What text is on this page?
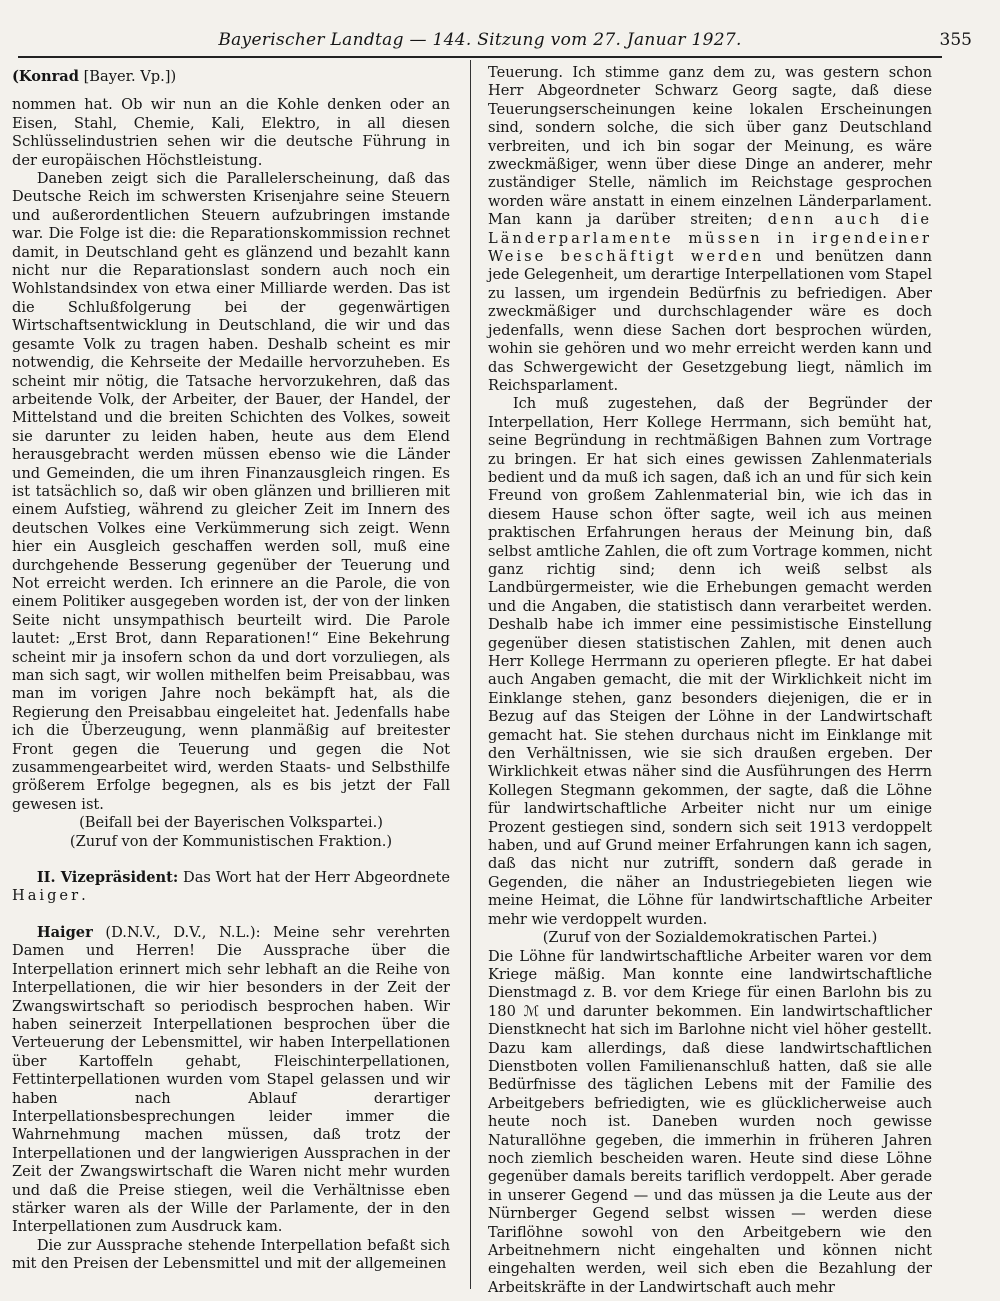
Bayerischer Landtag — 144. Sitzung vom 27. Januar 1927.	355

(Konrad [Bayer. Vp.])

nommen hat. Ob wir nun an die Kohle denken oder an Eisen, Stahl, Chemie, Kali, Elektro, in all diesen Schlüsselindustrien sehen wir die deutsche Führung in der europäischen Höchstleistung.

Daneben zeigt sich die Parallelerscheinung, daß das Deutsche Reich im schwersten Krisenjahre seine Steuern und außerordentlichen Steuern aufzubringen imstande war. Die Folge ist die: die Reparationskommission rechnet damit, in Deutschland geht es glänzend und bezahlt kann nicht nur die Reparationslast sondern auch noch ein Wohlstandsindex von etwa einer Milliarde werden. Das ist die Schlußfolgerung bei der gegenwärtigen Wirtschaftsentwicklung in Deutschland, die wir und das gesamte Volk zu tragen haben. Deshalb scheint es mir notwendig, die Kehrseite der Medaille hervorzuheben. Es scheint mir nötig, die Tatsache hervorzukehren, daß das arbeitende Volk, der Arbeiter, der Bauer, der Handel, der Mittelstand und die breiten Schichten des Volkes, soweit sie darunter zu leiden haben, heute aus dem Elend herausgebracht werden müssen ebenso wie die Länder und Gemeinden, die um ihren Finanzausgleich ringen. Es ist tatsächlich so, daß wir oben glänzen und brillieren mit einem Aufstieg, während zu gleicher Zeit im Innern des deutschen Volkes eine Verkümmerung sich zeigt. Wenn hier ein Ausgleich geschaffen werden soll, muß eine durchgehende Besserung gegenüber der Teuerung und Not erreicht werden. Ich erinnere an die Parole, die von einem Politiker ausgegeben worden ist, der von der linken Seite nicht unsympathisch beurteilt wird. Die Parole lautet: „Erst Brot, dann Reparationen!“ Eine Bekehrung scheint mir ja insofern schon da und dort vorzuliegen, als man sich sagt, wir wollen mithelfen beim Preisabbau, was man im vorigen Jahre noch bekämpft hat, als die Regierung den Preisabbau eingeleitet hat. Jedenfalls habe ich die Überzeugung, wenn planmäßig auf breitester Front gegen die Teuerung und gegen die Not zusammengearbeitet wird, werden Staats- und Selbsthilfe größerem Erfolge begegnen, als es bis jetzt der Fall gewesen ist.

(Beifall bei der Bayerischen Volkspartei.)

(Zuruf von der Kommunistischen Fraktion.)

II. Vizepräsident: Das Wort hat der Herr Abgeordnete Haiger.

Haiger (D.N.V., D.V., N.L.): Meine sehr verehrten Damen und Herren! Die Aussprache über die Interpellation erinnert mich sehr lebhaft an die Reihe von Interpellationen, die wir hier besonders in der Zeit der Zwangswirtschaft so periodisch besprochen haben. Wir haben seinerzeit Interpellationen besprochen über die Verteuerung der Lebensmittel, wir haben Interpellationen über Kartoffeln gehabt, Fleischinterpellationen, Fettinterpellationen wurden vom Stapel gelassen und wir haben nach Ablauf derartiger Interpellationsbesprechungen leider immer die Wahrnehmung machen müssen, daß trotz der Interpellationen und der langwierigen Aussprachen in der Zeit der Zwangswirtschaft die Waren nicht mehr wurden und daß die Preise stiegen, weil die Verhältnisse eben stärker waren als der Wille der Parlamente, der in den Interpellationen zum Ausdruck kam.

Die zur Aussprache stehende Interpellation befaßt sich mit den Preisen der Lebensmittel und mit der allgemeinen

Teuerung. Ich stimme ganz dem zu, was gestern schon Herr Abgeordneter Schwarz Georg sagte, daß diese Teuerungserscheinungen keine lokalen Erscheinungen sind, sondern solche, die sich über ganz Deutschland verbreiten, und ich bin sogar der Meinung, es wäre zweckmäßiger, wenn über diese Dinge an anderer, mehr zuständiger Stelle, nämlich im Reichstage gesprochen worden wäre anstatt in einem einzelnen Länderparlament. Man kann ja darüber streiten; denn auch die Länderparlamente müssen in irgendeiner Weise beschäftigt werden und benützen dann jede Gelegenheit, um derartige Interpellationen vom Stapel zu lassen, um irgendein Bedürfnis zu befriedigen. Aber zweckmäßiger und durchschlagender wäre es doch jedenfalls, wenn diese Sachen dort besprochen würden, wohin sie gehören und wo mehr erreicht werden kann und das Schwergewicht der Gesetzgebung liegt, nämlich im Reichsparlament.

Ich muß zugestehen, daß der Begründer der Interpellation, Herr Kollege Herrmann, sich bemüht hat, seine Begründung in rechtmäßigen Bahnen zum Vortrage zu bringen. Er hat sich eines gewissen Zahlenmaterials bedient und da muß ich sagen, daß ich an und für sich kein Freund von großem Zahlenmaterial bin, wie ich das in diesem Hause schon öfter sagte, weil ich aus meinen praktischen Erfahrungen heraus der Meinung bin, daß selbst amtliche Zahlen, die oft zum Vortrage kommen, nicht ganz richtig sind; denn ich weiß selbst als Landbürgermeister, wie die Erhebungen gemacht werden und die Angaben, die statistisch dann verarbeitet werden. Deshalb habe ich immer eine pessimistische Einstellung gegenüber diesen statistischen Zahlen, mit denen auch Herr Kollege Herrmann zu operieren pflegte. Er hat dabei auch Angaben gemacht, die mit der Wirklichkeit nicht im Einklange stehen, ganz besonders diejenigen, die er in Bezug auf das Steigen der Löhne in der Landwirtschaft gemacht hat. Sie stehen durchaus nicht im Einklange mit den Verhältnissen, wie sie sich draußen ergeben. Der Wirklichkeit etwas näher sind die Ausführungen des Herrn Kollegen Stegmann gekommen, der sagte, daß die Löhne für landwirtschaftliche Arbeiter nicht nur um einige Prozent gestiegen sind, sondern sich seit 1913 verdoppelt haben, und auf Grund meiner Erfahrungen kann ich sagen, daß das nicht nur zutrifft, sondern daß gerade in Gegenden, die näher an Industriegebieten liegen wie meine Heimat, die Löhne für landwirtschaftliche Arbeiter mehr wie verdoppelt wurden.

(Zuruf von der Sozialdemokratischen Partei.)

Die Löhne für landwirtschaftliche Arbeiter waren vor dem Kriege mäßig. Man konnte eine landwirtschaftliche Dienstmagd z. B. vor dem Kriege für einen Barlohn bis zu 180 ℳ und darunter bekommen. Ein landwirtschaftlicher Dienstknecht hat sich im Barlohne nicht viel höher gestellt. Dazu kam allerdings, daß diese landwirtschaftlichen Dienstboten vollen Familienanschluß hatten, daß sie alle Bedürfnisse des täglichen Lebens mit der Familie des Arbeitgebers befriedigten, wie es glücklicherweise auch heute noch ist. Daneben wurden noch gewisse Naturallöhne gegeben, die immerhin in früheren Jahren noch ziemlich bescheiden waren. Heute sind diese Löhne gegenüber damals bereits tariflich verdoppelt. Aber gerade in unserer Gegend — und das müssen ja die Leute aus der Nürnberger Gegend selbst wissen — werden diese Tariflöhne sowohl von den Arbeitgebern wie den Arbeitnehmern nicht eingehalten und können nicht eingehalten werden, weil sich eben die Bezahlung der Arbeitskräfte in der Landwirtschaft auch mehr
